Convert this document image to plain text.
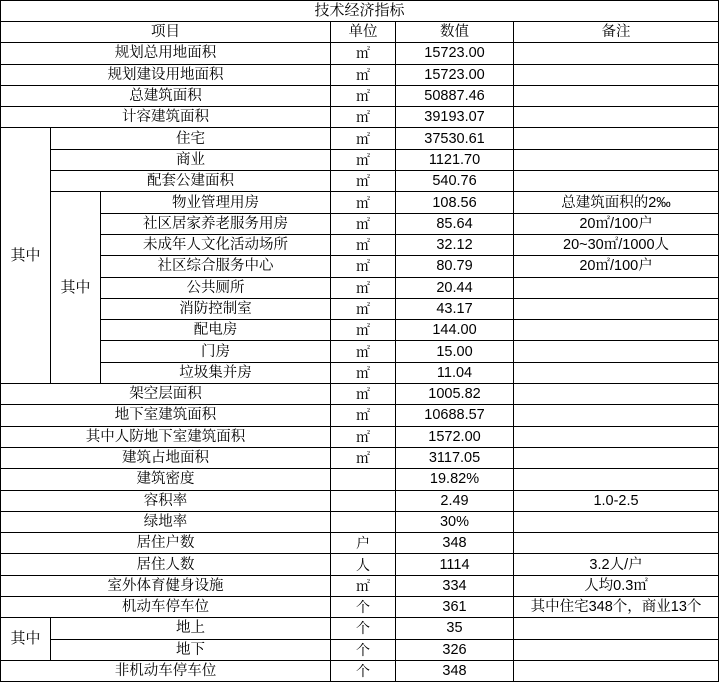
技术经济指标					
项目			单位	数值	备注
规划总用地面积			㎡	15723.00	
规划建设用地面积			㎡	15723.00	
总建筑面积			㎡	50887.46	
计容建筑面积			㎡	39193.07	
其中	住宅		㎡	37530.61	
	商业		㎡	1121.70	
	配套公建面积		㎡	540.76	
	其中	物业管理用房	㎡	108.56	总建筑面积的2‰
		社区居家养老服务用房	㎡	85.64	20㎡/100户
		未成年人文化活动场所	㎡	32.12	20~30㎡/1000人
		社区综合服务中心	㎡	80.79	20㎡/100户
		公共厕所	㎡	20.44	
		消防控制室	㎡	43.17	
		配电房	㎡	144.00	
		门房	㎡	15.00	
		垃圾集并房	㎡	11.04	
架空层面积			㎡	1005.82	
地下室建筑面积			㎡	10688.57	
其中人防地下室建筑面积			㎡	1572.00	
建筑占地面积			㎡	3117.05	
建筑密度				19.82%	
容积率				2.49	1.0-2.5
绿地率				30%	
居住户数			户	348	
居住人数			人	1114	3.2人/户
室外体育健身设施			㎡	334	人均0.3㎡
机动车停车位			个	361	其中住宅348个，商业13个
其中	地上		个	35	
	地下		个	326	
非机动车停车位			个	348	
